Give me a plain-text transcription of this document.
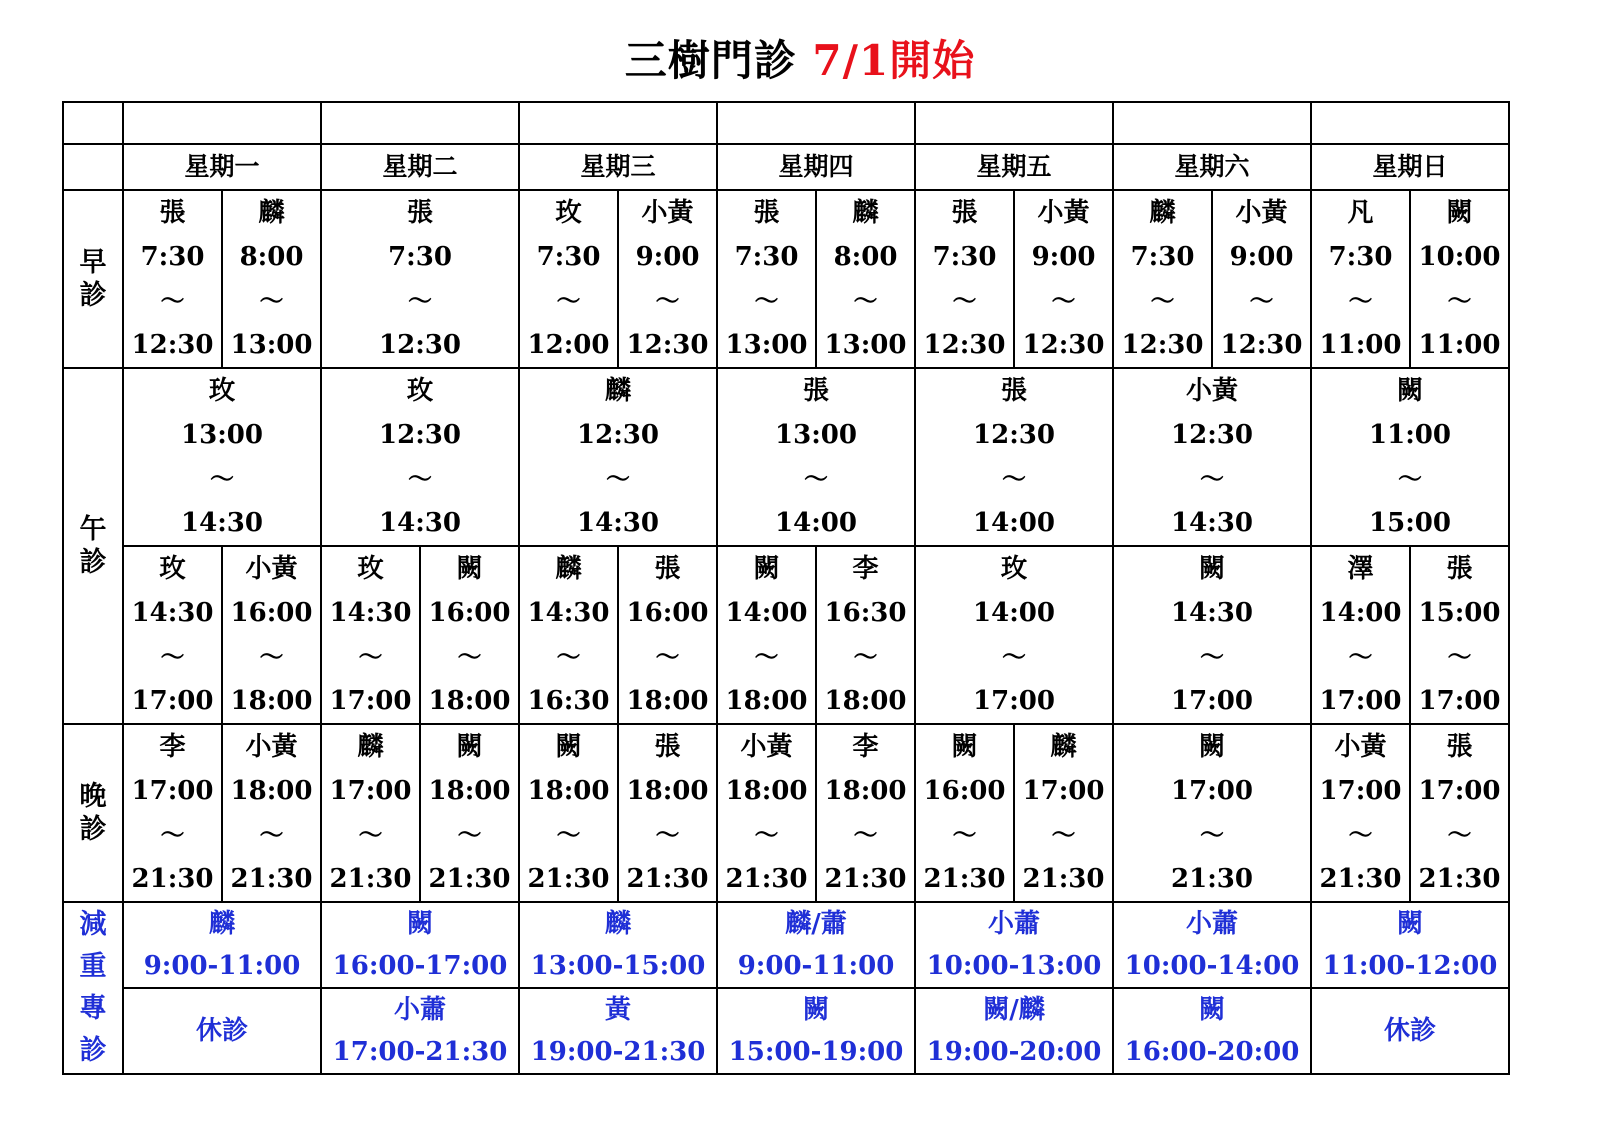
三樹門診 7/1開始

	星期一		星期二		星期三		星期四		星期五		星期六		星期日	

早
診	張
7:30
～
12:30	麟
8:00
～
13:00	張
7:30
～
12:30		玫
7:30
～
12:00	小黃
9:00
～
12:30	張
7:30
～
13:00	麟
8:00
～
13:00	張
7:30
～
12:30	小黃
9:00
～
12:30	麟
7:30
～
12:30	小黃
9:00
～
12:30	凡
7:30
～
11:00	闕
10:00
～
11:00

午
診	玫
13:00
～
14:30		玫
12:30
～
14:30		麟
12:30
～
14:30		張
13:00
～
14:00		張
12:30
～
14:00		小黃
12:30
～
14:30		闕
11:00
～
15:00	

	玫
14:30
～
17:00	小黃
16:00
～
18:00	玫
14:30
～
17:00	闕
16:00
～
18:00	麟
14:30
～
16:30	張
16:00
～
18:00	闕
14:00
～
18:00	李
16:30
～
18:00	玫
14:00
～
17:00		闕
14:30
～
17:00		澤
14:00
～
17:00	張
15:00
～
17:00

晚
診	李
17:00
～
21:30	小黃
18:00
～
21:30	麟
17:00
～
21:30	闕
18:00
～
21:30	闕
18:00
～
21:30	張
18:00
～
21:30	小黃
18:00
～
21:30	李
18:00
～
21:30	闕
16:00
～
21:30	麟
17:00
～
21:30	闕
17:00
～
21:30		小黃
17:00
～
21:30	張
17:00
～
21:30

減
重
專
診	麟
9:00-11:00		闕
16:00-17:00		麟
13:00-15:00		麟/蕭
9:00-11:00		小蕭
10:00-13:00		小蕭
10:00-14:00		闕
11:00-12:00	

	休診		小蕭
17:00-21:30		黃
19:00-21:30		闕
15:00-19:00		闕/麟
19:00-20:00		闕
16:00-20:00		休診	
